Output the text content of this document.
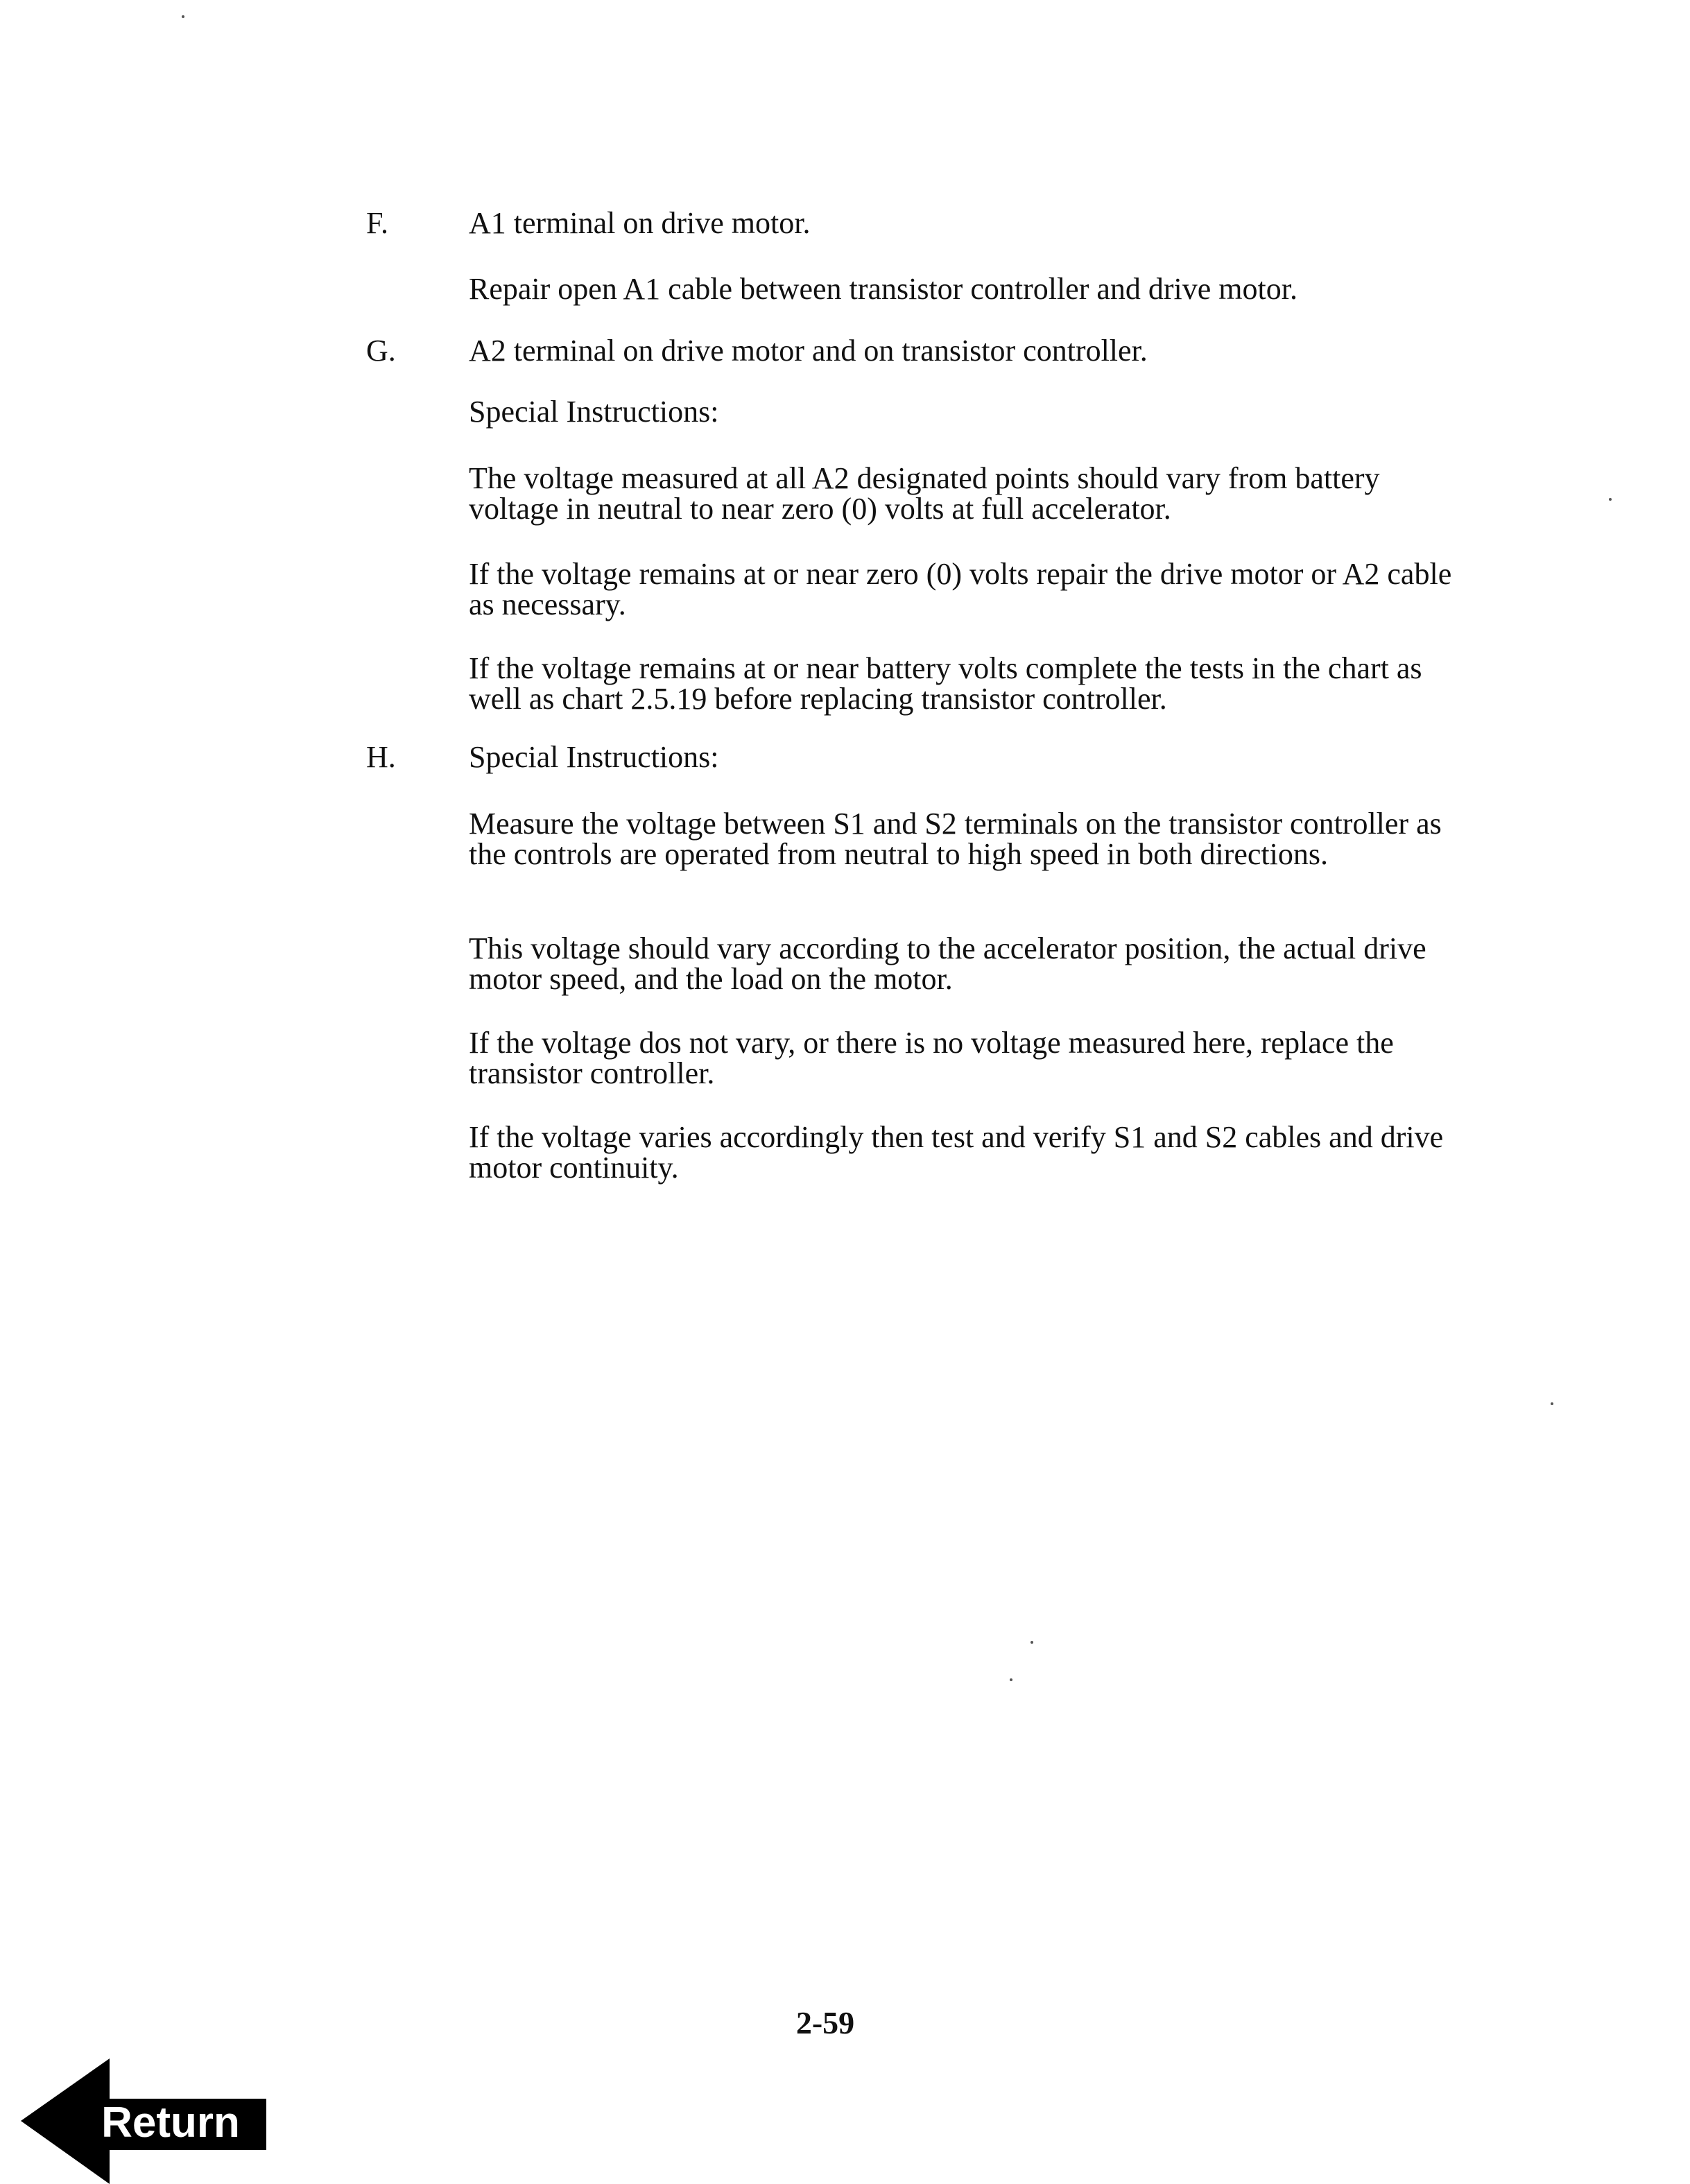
F.	A1 terminal on drive motor.

Repair open A1 cable between transistor controller and drive motor.

G. A2 terminal on drive motor and on transistor controller.

Special Instructions:

The voltage measured at all A2 designated points should vary from battery voltage in neutral to near zero (0) volts at full accelerator.

If the voltage remains at or near zero (0) volts repair the drive motor or A2 cable as necessary.

If the voltage remains at or near battery volts complete the tests in the chart as well as chart 2.5.19 before replacing transistor controller.

H. Special Instructions:

Measure the voltage between S1 and S2 terminals on the transistor controller as the controls are operated from neutral to high speed in both directions.

This voltage should vary according to the accelerator position, the actual drive motor speed, and the load on the motor.

If the voltage dos not vary, or there is no voltage measured here, replace the transistor controller.

If the voltage varies accordingly then test and verify S1 and S2 cables and drive motor continuity.

2-59
Return
